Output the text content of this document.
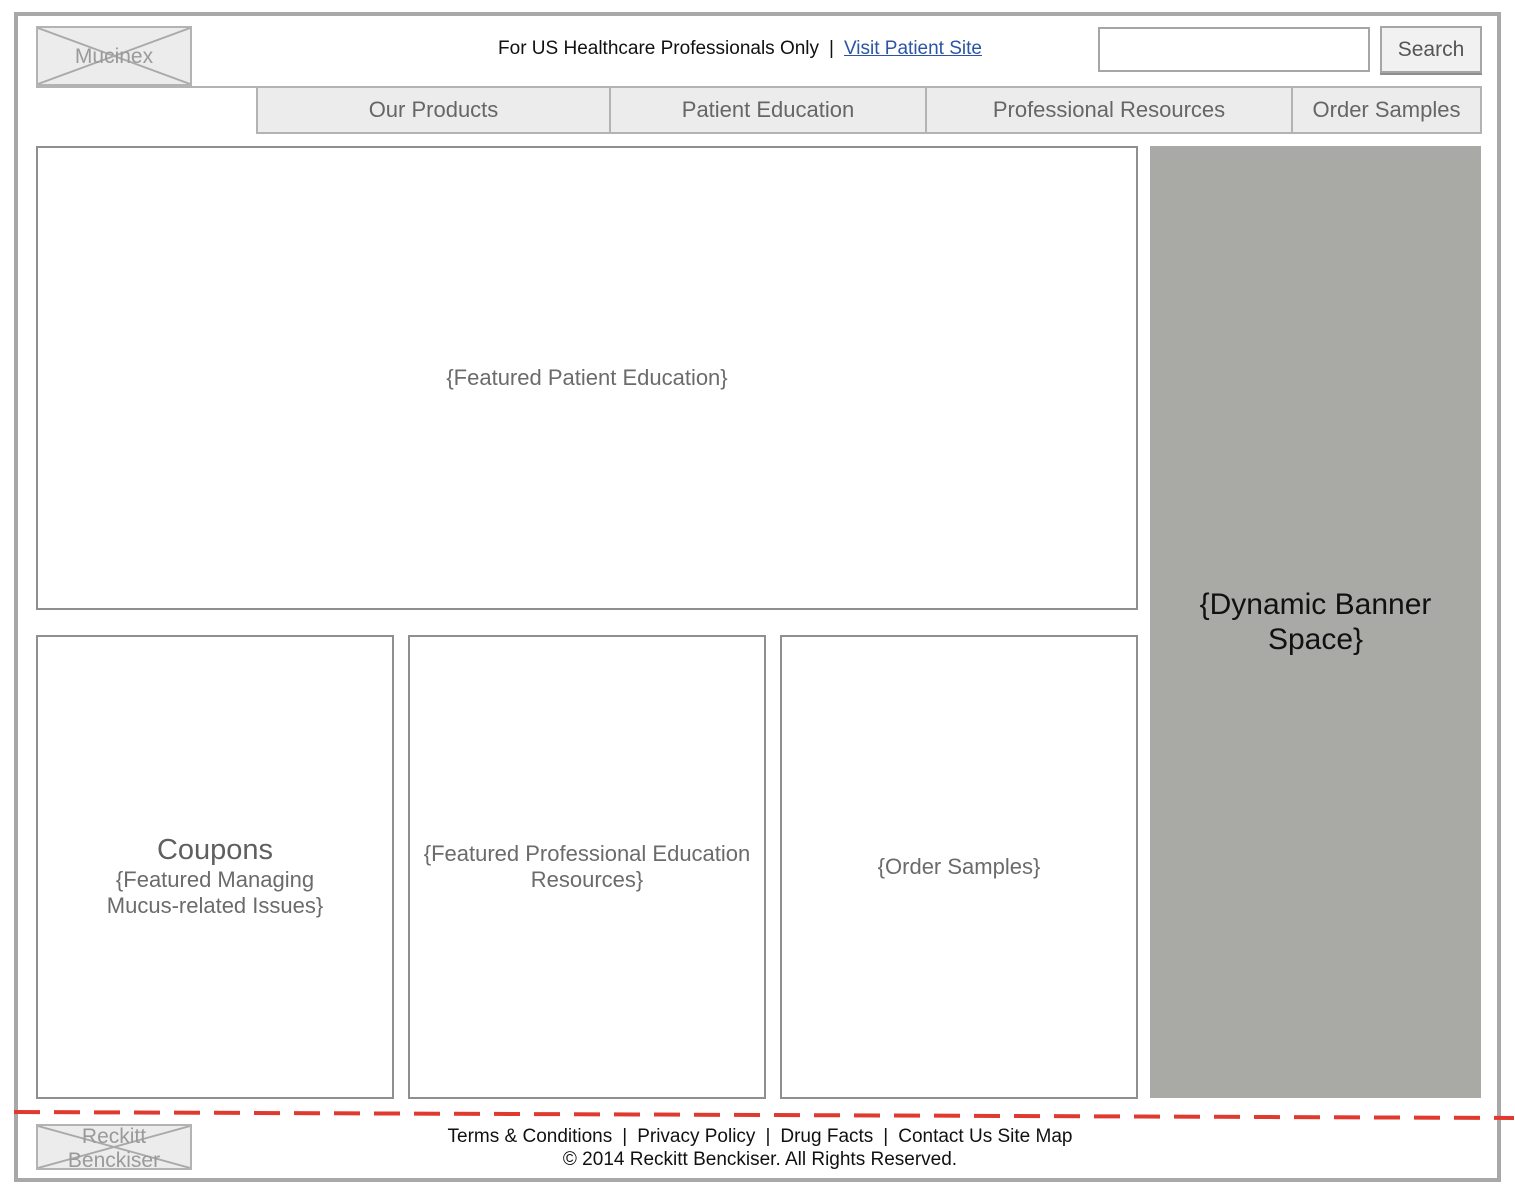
Mucinex	For US Healthcare Professionals Only | Visit Patient Site	Search
Our Products	Patient Education	Professional Resources	Order Samples
{Featured Patient Education}
Coupons
{Featured Managing Mucus-related Issues}
{Featured Professional Education Resources}
{Order Samples}
{Dynamic Banner Space}
Reckitt Benckiser
Terms & Conditions | Privacy Policy | Drug Facts | Contact Us Site Map
© 2014 Reckitt Benckiser. All Rights Reserved.
